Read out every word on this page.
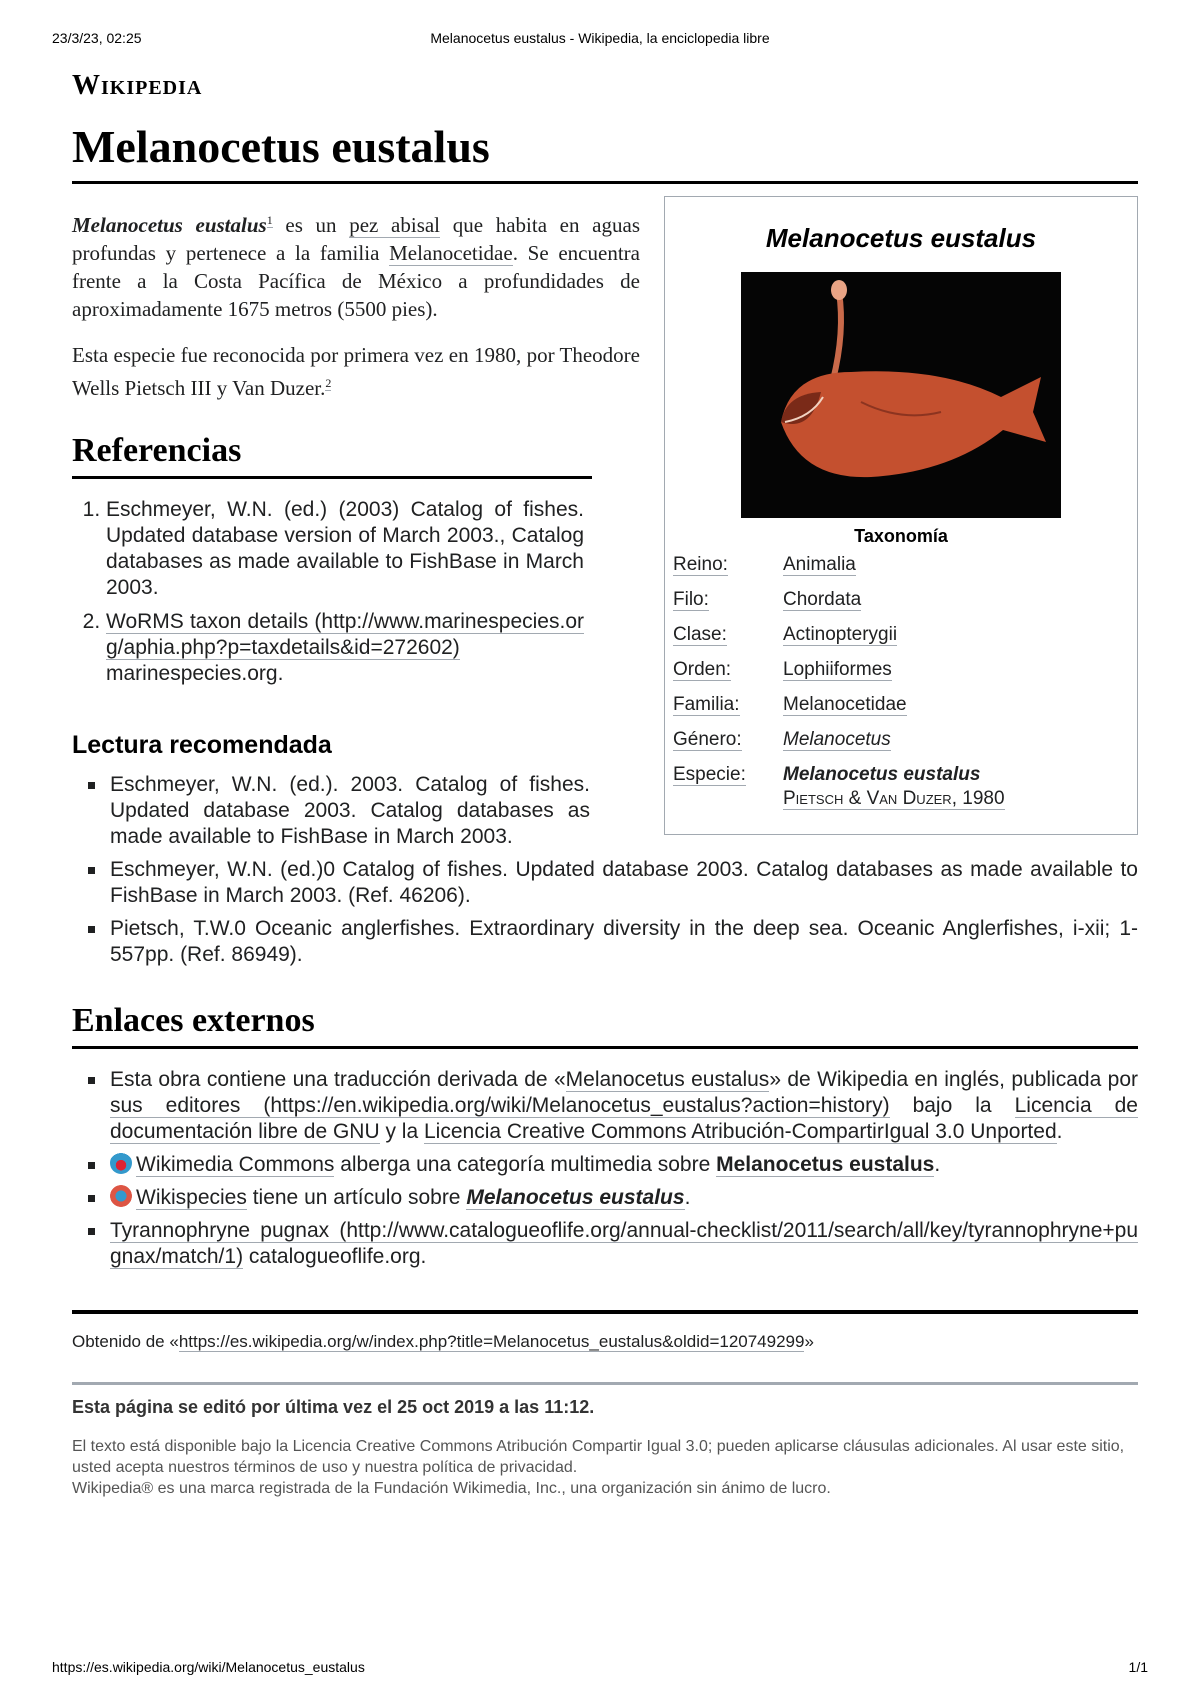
23/3/23, 02:25	Melanocetus eustalus - Wikipedia, la enciclopedia libre
Wikipedia
Melanocetus eustalus
Melanocetus eustalus
Taxonomía
Reino:	Animalia
Filo:	Chordata
Clase:	Actinopterygii
Orden:	Lophiiformes
Familia:	Melanocetidae
Género:	Melanocetus
Especie:	Melanocetus eustalus
Pietsch & Van Duzer, 1980

Melanocetus eustalus$^1$ es un pez abisal que habita en aguas profundas y pertenece a la familia Melanocetidae. Se encuentra frente a la Costa Pacífica de México a profundidades de aproximadamente 1675 metros (5500 pies).

Esta especie fue reconocida por primera vez en 1980, por Theodore Wells Pietsch III y Van Duzer.$^2$

Referencias
1. Eschmeyer, W.N. (ed.) (2003) Catalog of fishes. Updated database version of March 2003., Catalog databases as made available to FishBase in March 2003.
2. WoRMS taxon details (http://www.marinespecies.org/aphia.php?p=taxdetails&id=272602)
marinespecies.org.
Lectura recomendada
Eschmeyer, W.N. (ed.). 2003. Catalog of fishes. Updated database 2003. Catalog databases as made available to FishBase in March 2003.
Eschmeyer, W.N. (ed.)0 Catalog of fishes. Updated database 2003. Catalog databases as made available to FishBase in March 2003. (Ref. 46206).
Pietsch, T.W.0 Oceanic anglerfishes. Extraordinary diversity in the deep sea. Oceanic Anglerfishes, i-xii; 1-557pp. (Ref. 86949).
Enlaces externos
Esta obra contiene una traducción derivada de «Melanocetus eustalus» de Wikipedia en inglés, publicada por sus editores (https://en.wikipedia.org/wiki/Melanocetus_eustalus?action=history) bajo la Licencia de documentación libre de GNU y la Licencia Creative Commons Atribución-CompartirIgual 3.0 Unported.
Wikimedia Commons alberga una categoría multimedia sobre Melanocetus eustalus.
Wikispecies tiene un artículo sobre Melanocetus eustalus.
Tyrannophryne pugnax (http://www.catalogueoflife.org/annual-checklist/2011/search/all/key/tyrannophryne+pugnax/match/1) catalogueoflife.org.
Obtenido de «https://es.wikipedia.org/w/index.php?title=Melanocetus_eustalus&oldid=120749299»
Esta página se editó por última vez el 25 oct 2019 a las 11:12.
El texto está disponible bajo la Licencia Creative Commons Atribución Compartir Igual 3.0; pueden aplicarse cláusulas adicionales. Al usar este sitio, usted acepta nuestros términos de uso y nuestra política de privacidad.
Wikipedia® es una marca registrada de la Fundación Wikimedia, Inc., una organización sin ánimo de lucro.
https://es.wikipedia.org/wiki/Melanocetus_eustalus	1/1
